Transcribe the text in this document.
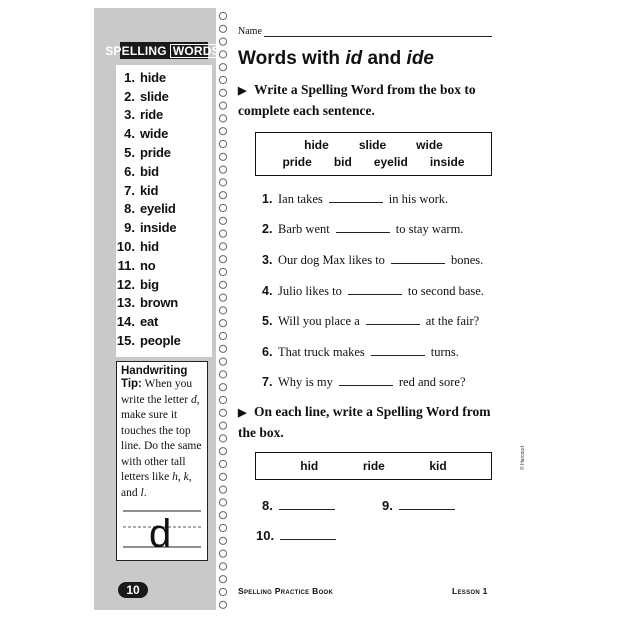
SPELLING WORDS
1. hide
2. slide
3. ride
4. wide
5. pride
6. bid
7. kid
8. eyelid
9. inside
10. hid
11. no
12. big
13. brown
14. eat
15. people
Handwriting
Tip: When you write the letter d, make sure it touches the top line. Do the same with other tall letters like h, k, and l.
d
10
Name
Words with id and ide
▶ Write a Spelling Word from the box to complete each sentence.
hide	slide	wide
pride bid eyelid inside
1. Ian takes	in his work.
2. Barb went	to stay warm.
3. Our dog Max likes to	bones.
4. Julio likes to	to second base.
5. Will you place a	at the fair?
6. That truck makes	turns.
7. Why is my	red and sore?
▶ On each line, write a Spelling Word from the box.
hid	ride	kid
8.	9.
10.
© Harcourt
Spelling Practice Book	Lesson 1
